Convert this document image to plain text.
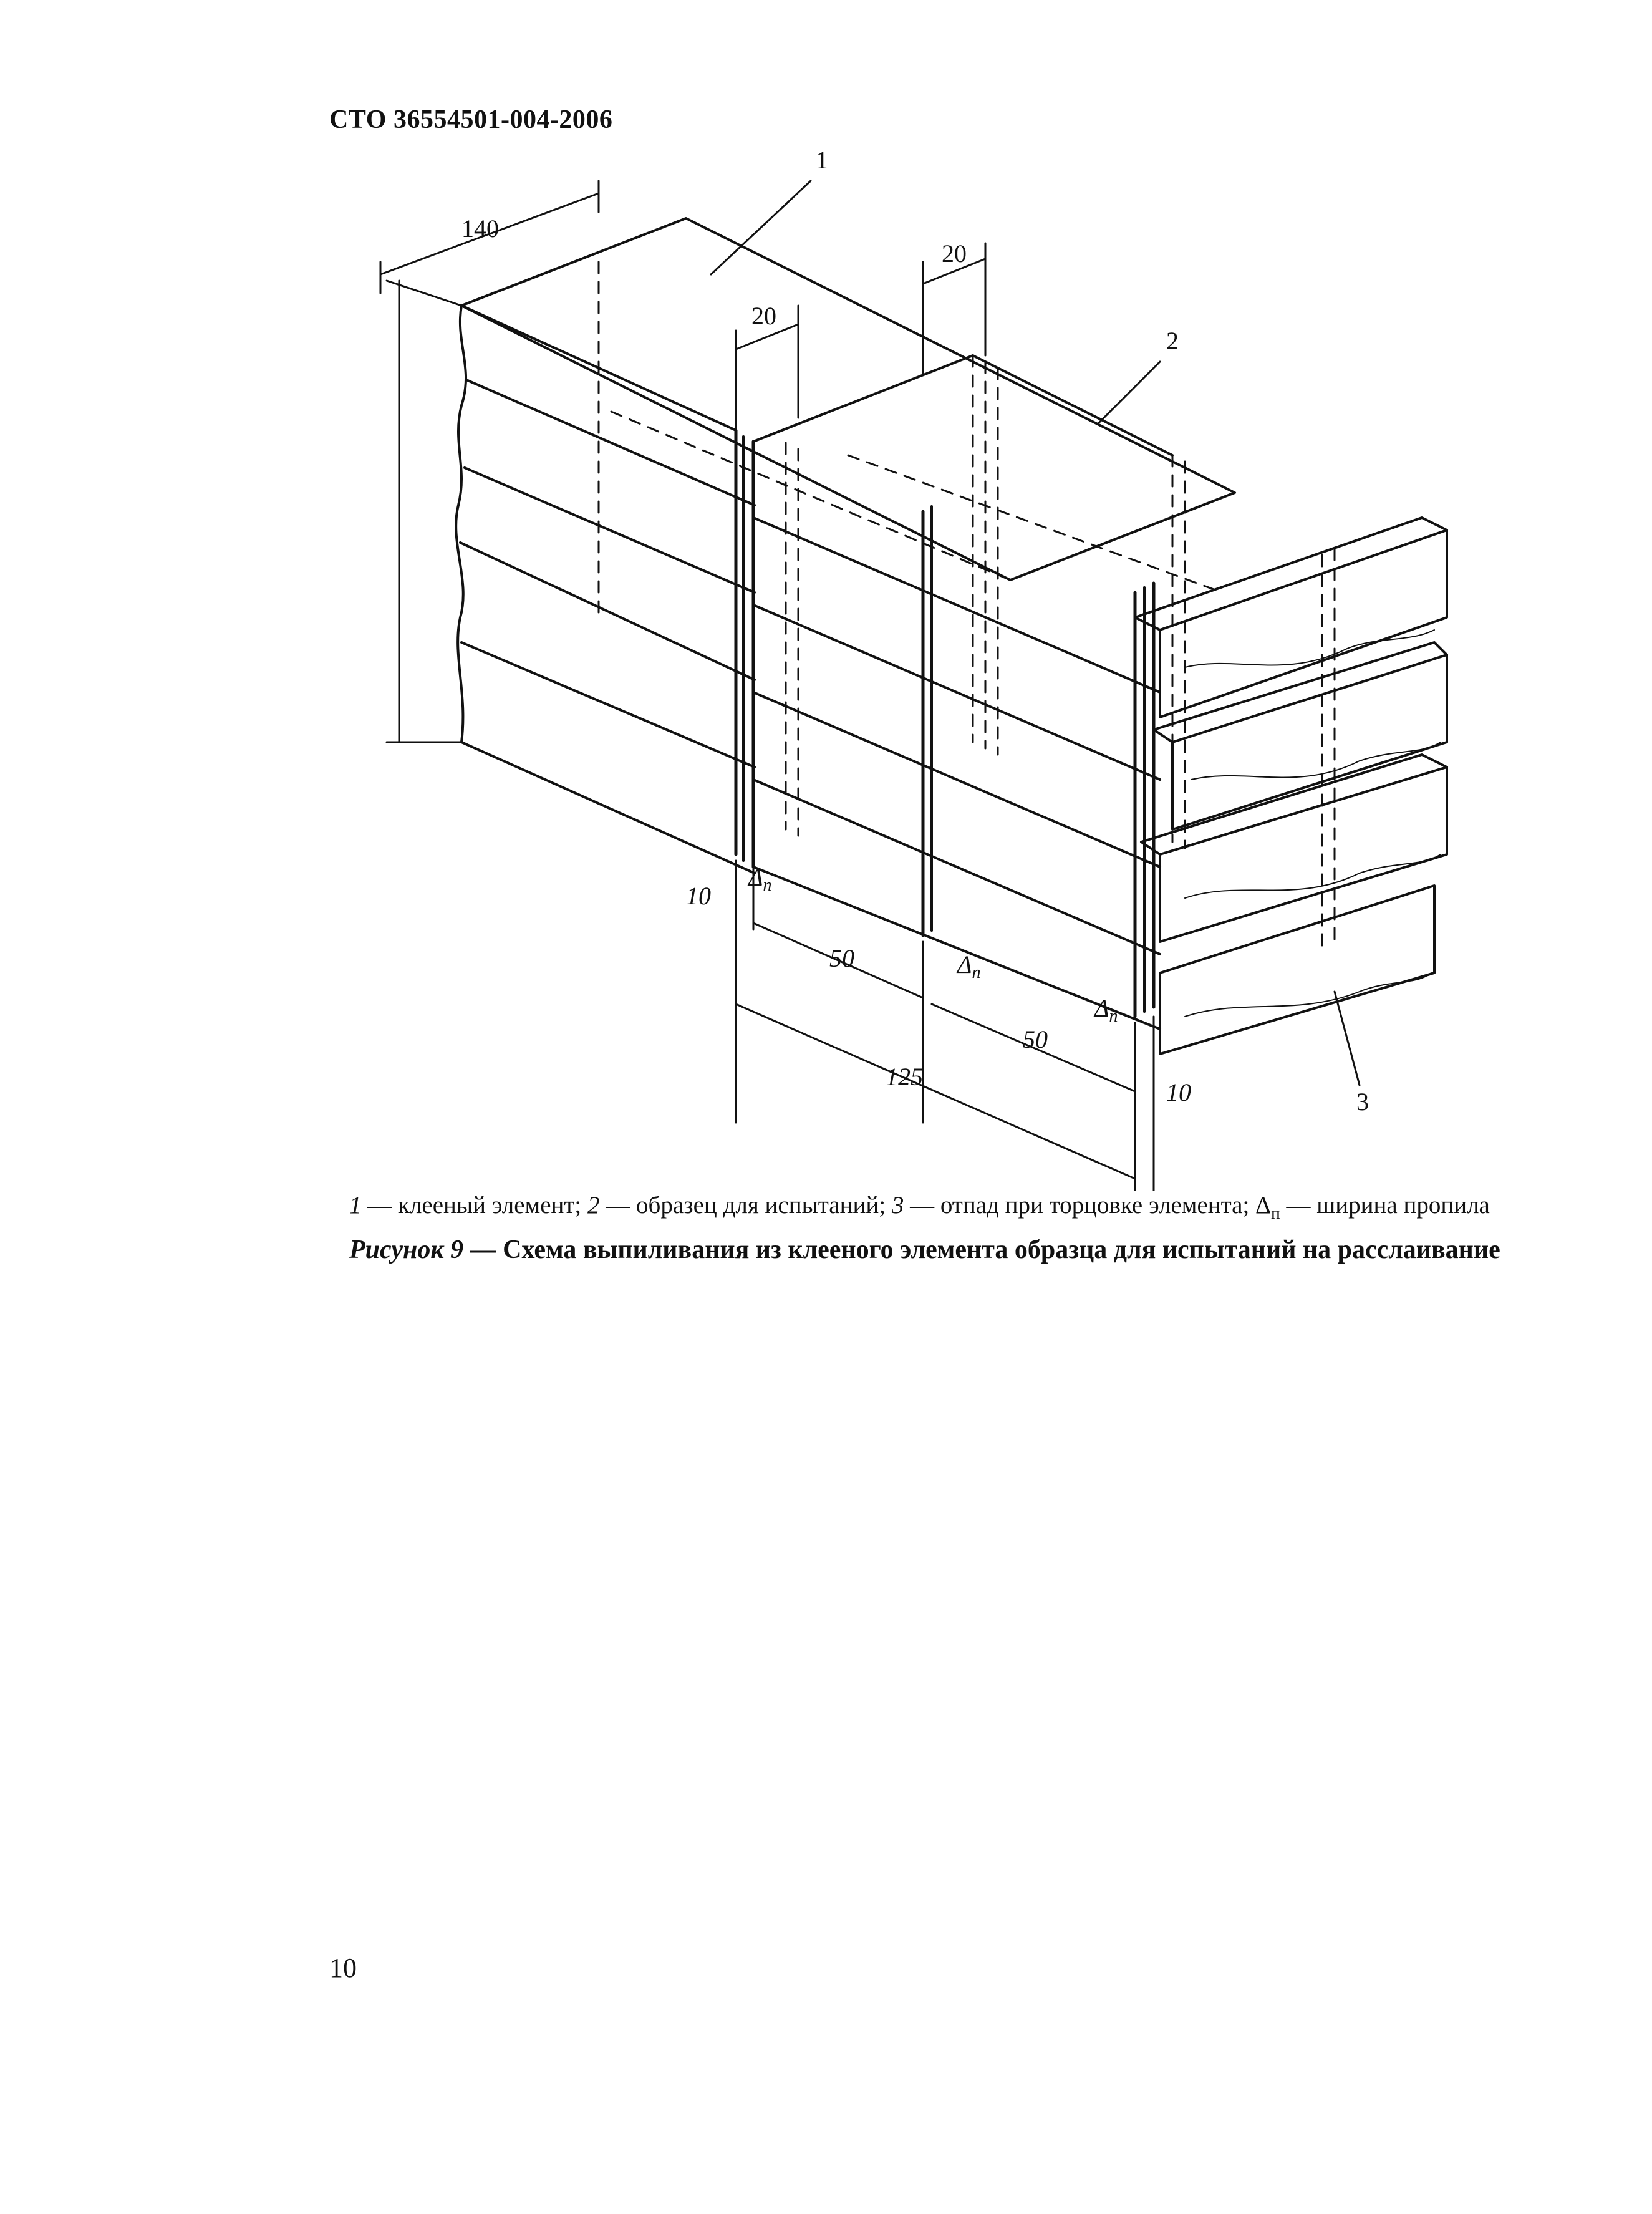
СТО 36554501-004-2006
1
2
3
140
20
20
10
$\Delta_п$
50	$\Delta_п$
50
$\Delta_п$
125
10
1 — клееный элемент; 2 — образец для испытаний; 3 — отпад при торцовке элемента; $\Delta_п$ — ширина пропила
Рисунок 9 — Схема выпиливания из клееного элемента образца для испытаний на расслаивание
10
